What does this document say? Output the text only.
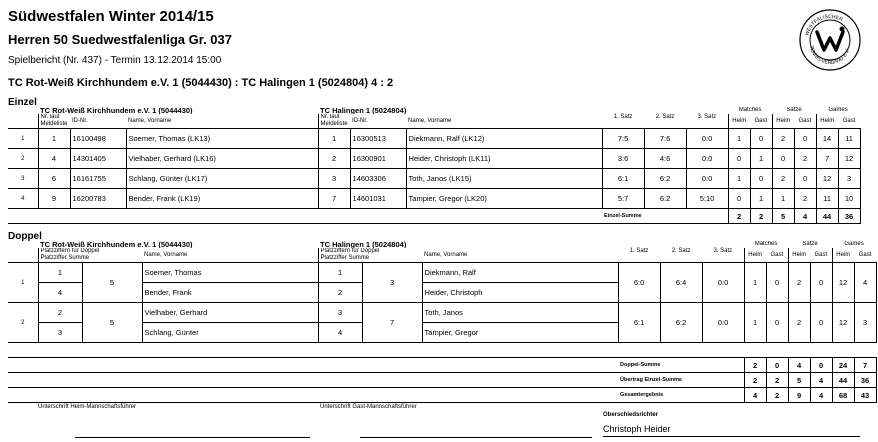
Südwestfalen Winter 2014/15
Herren 50 Suedwestfalenliga Gr. 037
Spielbericht (Nr. 437) - Termin 13.12.2014 15:00
TC Rot-Weiß Kirchhundem e.V. 1 (5044430) : TC Halingen 1 (5024804) 4 : 2
WESTFÄLISCHER
TENNIS-VERBAND E.V.
Einzel
	TC Rot-Weiß Kirchhundem e.V. 1 (5044430)			TC Halingen 1 (5024804)			1. Satz	2. Satz	3. Satz	Matches		Sätze		Games	
	Nr. laut Meldeliste	ID-Nr.	Name, Vorname	Nr. laut Meldeliste	ID-Nr.	Name, Vorname				Heim	Gast	Heim	Gast	Heim	Gast
1	1	16100498	Soemer, Thomas (LK13)	1	16300513	Diekmann, Ralf (LK12)	7:5	7:6	0:0	1	0	2	0	14	11
2	4	14301405	Vielhaber, Gerhard (LK16)	2	16300901	Heider, Christoph (LK11)	3:6	4:6	0:0	0	1	0	2	7	12
3	6	16161755	Schlang, Günter (LK17)	3	14603306	Toth, Janos (LK15)	6:1	6:2	0:0	1	0	2	0	12	3
4	9	16200783	Bender, Frank (LK19)	7	14601031	Tampier, Gregor (LK20)	5:7	6:2	5:10	0	1	1	2	11	10
							Einzel-Summe			2	2	5	4	44	36
Doppel
	TC Rot-Weiß Kirchhundem e.V. 1 (5044430)			TC Halingen 1 (5024804)			1. Satz	2. Satz	3. Satz	Matches		Sätze		Games	
	Platzziffern für Doppel
Platzziffer Summe		Name, Vorname	Platzziffern für Doppel
Platzziffer Summe		Name, Vorname				Heim	Gast	Heim	Gast	Heim	Gast
1	1	5	Soemer, Thomas	1	3	Diekmann, Ralf	6:0	6:4	0:0	1	0	2	0	12	4
	4		Bender, Frank	2		Heider, Christoph									
2	2	5	Vielhaber, Gerhard	3	7	Toth, Janos	6:1	6:2	0:0	1	0	2	0	12	3
	3		Schlang, Günter	4		Tampier, Gregor									

							Doppel-Summe			2	0	4	0	24	7
							Übertrag Einzel-Summe			2	2	5	4	44	36
							Gesamtergebnis			4	2	9	4	68	43
Unterschrift Heim-Mannschaftsführer	Unterschrift Gast-Mannschaftsführer
Oberschiedsrichter
Christoph Heider
